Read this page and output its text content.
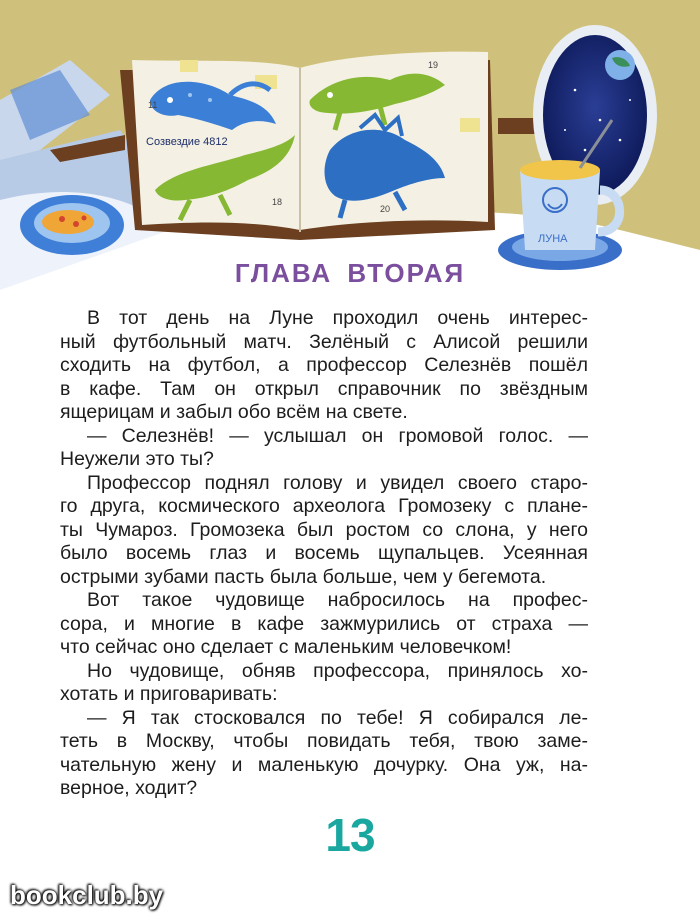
Созвездие 4812
11
18
19
20
ЛУНА
ГЛАВА ВТОРАЯ
В тот день на Луне проходил очень интерес-
ный футбольный матч. Зелёный с Алисой решили
сходить на футбол, а профессор Селезнёв пошёл
в кафе. Там он открыл справочник по звёздным
ящерицам и забыл обо всём на свете.
— Селезнёв! — услышал он громовой голос. —
Неужели это ты?
Профессор поднял голову и увидел своего старо-
го друга, космического археолога Громозеку с плане-
ты Чумароз. Громозека был ростом со слона, у него
было восемь глаз и восемь щупальцев. Усеянная
острыми зубами пасть была больше, чем у бегемота.
Вот такое чудовище набросилось на профес-
сора, и многие в кафе зажмурились от страха —
что сейчас оно сделает с маленьким человечком!
Но чудовище, обняв профессора, принялось хо-
хотать и приговаривать:
— Я так стосковался по тебе! Я собирался ле-
теть в Москву, чтобы повидать тебя, твою заме-
чательную жену и маленькую дочурку. Она уж, на-
верное, ходит?
13
bookclub.by
